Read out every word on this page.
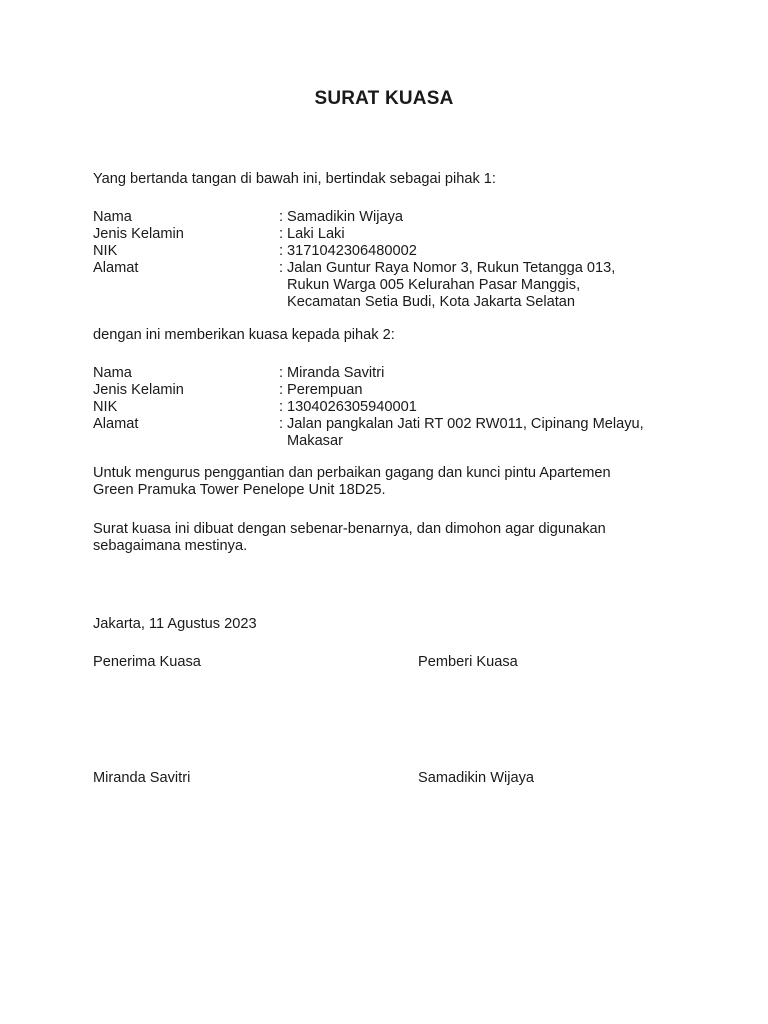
SURAT KUASA
Yang bertanda tangan di bawah ini, bertindak sebagai pihak 1:
Nama	: Samadikin Wijaya
Jenis Kelamin	: Laki Laki
NIK	: 3171042306480002
Alamat	: Jalan Guntur Raya Nomor 3, Rukun Tetangga 013,
Rukun Warga 005 Kelurahan Pasar Manggis,
Kecamatan Setia Budi, Kota Jakarta Selatan
dengan ini memberikan kuasa kepada pihak 2:
Nama	: Miranda Savitri
Jenis Kelamin	: Perempuan
NIK	: 1304026305940001
Alamat	: Jalan pangkalan Jati RT 002 RW011, Cipinang Melayu,
Makasar
Untuk mengurus penggantian dan perbaikan gagang dan kunci pintu Apartemen
Green Pramuka Tower Penelope Unit 18D25.
Surat kuasa ini dibuat dengan sebenar-benarnya, dan dimohon agar digunakan
sebagaimana mestinya.
Jakarta, 11 Agustus 2023
Penerima Kuasa	Pemberi Kuasa
Miranda Savitri	Samadikin Wijaya
